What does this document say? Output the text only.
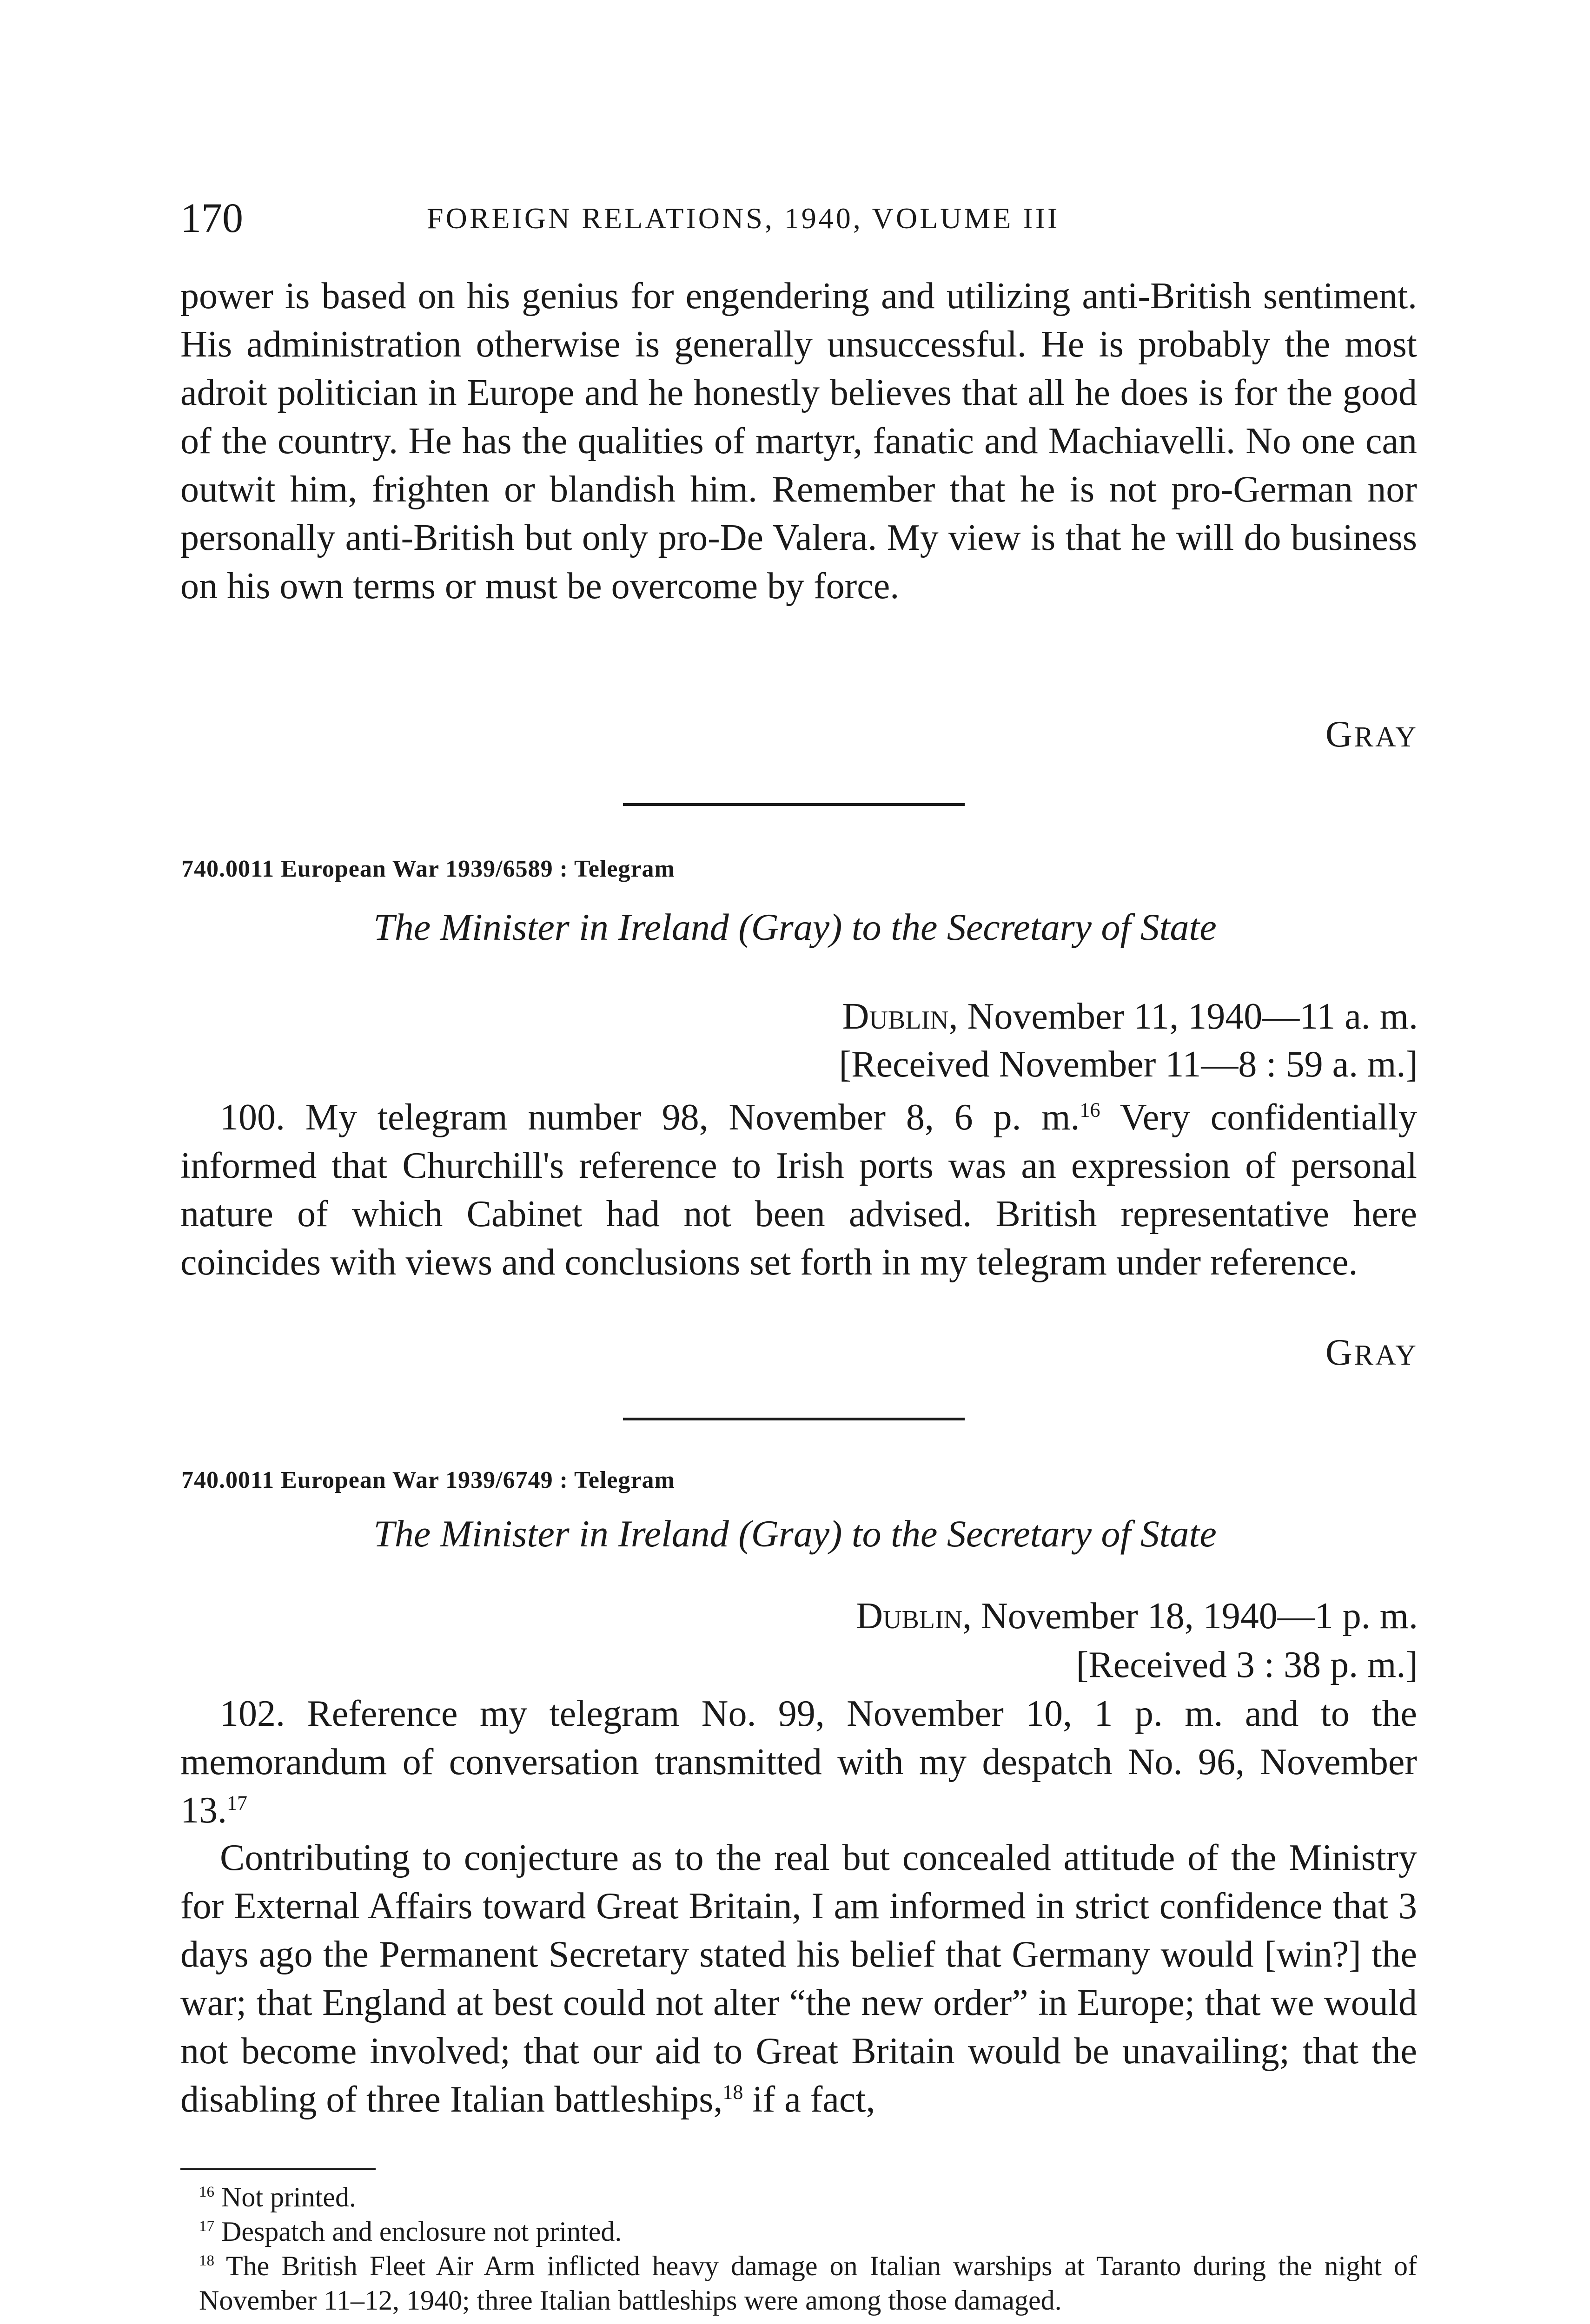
170	FOREIGN RELATIONS, 1940, VOLUME III

power is based on his genius for engendering and utilizing anti-British sentiment. His administration otherwise is generally unsuccessful. He is probably the most adroit politician in Europe and he honestly believes that all he does is for the good of the country. He has the qualities of martyr, fanatic and Machiavelli. No one can outwit him, frighten or blandish him. Remember that he is not pro-German nor personally anti-British but only pro-De Valera. My view is that he will do business on his own terms or must be overcome by force.

GRAY
740.0011 European War 1939/6589 : Telegram
The Minister in Ireland (Gray) to the Secretary of State
Dublin, November 11, 1940—11 a. m.
[Received November 11—8 : 59 a. m.]

100. My telegram number 98, November 8, 6 p. m.$^{16}$ Very confidentially informed that Churchill's reference to Irish ports was an expression of personal nature of which Cabinet had not been advised. British representative here coincides with views and conclusions set forth in my telegram under reference.

GRAY
740.0011 European War 1939/6749 : Telegram
The Minister in Ireland (Gray) to the Secretary of State
Dublin, November 18, 1940—1 p. m.
[Received 3 : 38 p. m.]

102. Reference my telegram No. 99, November 10, 1 p. m. and to the memorandum of conversation transmitted with my despatch No. 96, November 13.17

Contributing to conjecture as to the real but concealed attitude of the Ministry for External Affairs toward Great Britain, I am informed in strict confidence that 3 days ago the Permanent Secretary stated his belief that Germany would [win?] the war; that England at best could not alter “the new order” in Europe; that we would not become involved; that our aid to Great Britain would be unavailing; that the disabling of three Italian battleships,$^{18}$ if a fact,

$^{16}$ Not printed.

$^{17}$ Despatch and enclosure not printed.

$^{18}$ The British Fleet Air Arm inflicted heavy damage on Italian warships at Taranto during the night of November 11–12, 1940; three Italian battleships were among those damaged.
